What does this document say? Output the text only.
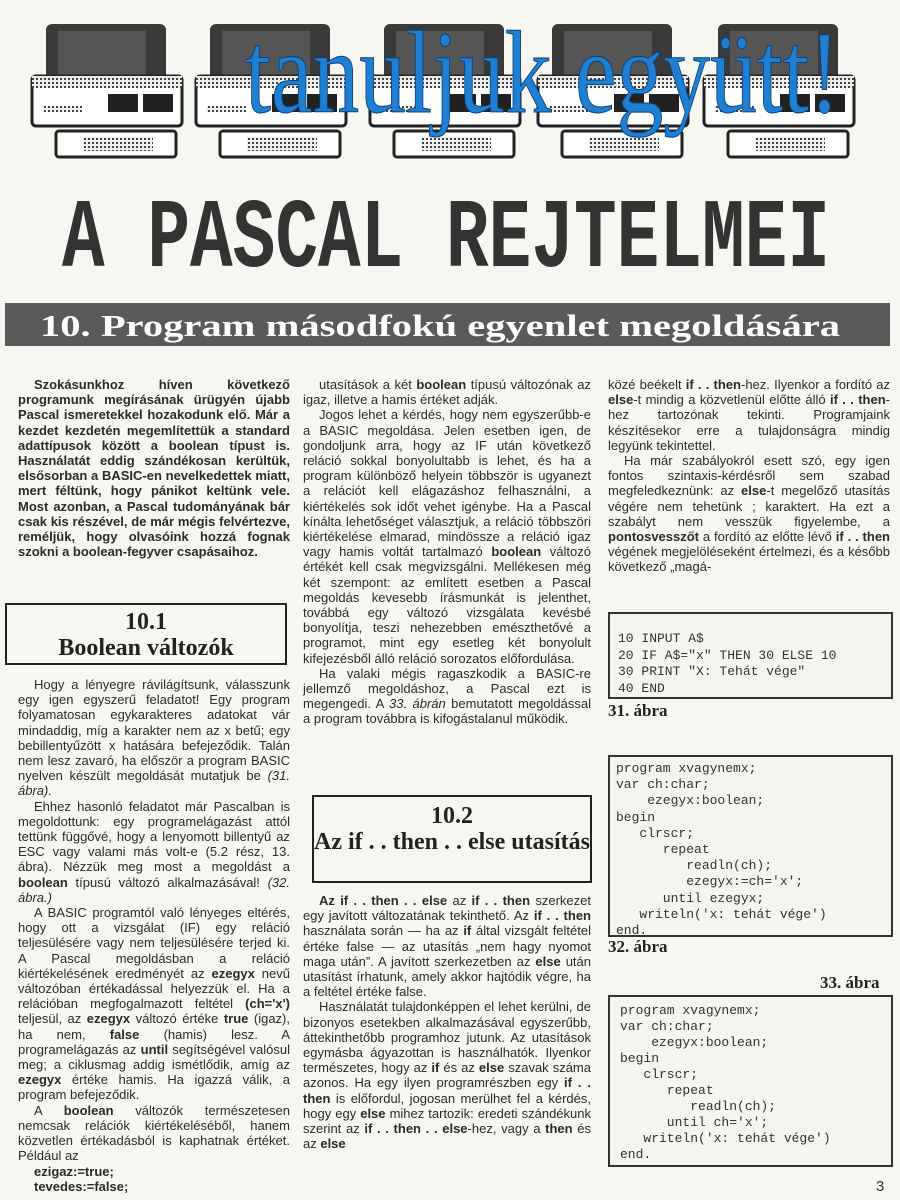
tanuljuk együtt!
A PASCAL REJTELMEI
10. Program másodfokú egyenlet megoldására

Szokásunkhoz híven következő programunk megírásának ürügyén újabb Pascal ismeretekkel hozakodunk elő. Már a kezdet kezdetén megemlítettük a standard adattípusok között a boolean típust is. Használatát eddig szándékosan kerültük, elsősorban a BASIC-en nevelkedettek miatt, mert féltünk, hogy pánikot keltünk vele. Most azonban, a Pascal tudományának bár csak kis részével, de már mégis felvértezve, reméljük, hogy olvasóink hozzá fognak szokni a boolean-fegyver csapásaihoz.

Hogy a lényegre rávilágítsunk, válasszunk egy igen egyszerű feladatot! Egy program folyamatosan egykarakteres adatokat vár mindaddig, míg a karakter nem az x betű; egy bebillentyűzött x hatására befejeződik. Talán nem lesz zavaró, ha először a program BASIC nyelven készült megoldását mutatjuk be (31. ábra).

Ehhez hasonló feladatot már Pascalban is megoldottunk: egy programelágazást attól tettünk függővé, hogy a lenyomott billentyű az ESC vagy valami más volt-e (5.2 rész, 13. ábra). Nézzük meg most a megoldást a boolean típusú változó alkalmazásával! (32. ábra.)

A BASIC programtól való lényeges eltérés, hogy ott a vizsgálat (IF) egy reláció teljesülésére vagy nem teljesülésére terjed ki. A Pascal megoldásban a reláció kiértékelésének eredményét az ezegyx nevű változóban értékadással helyezzük el. Ha a relációban megfogalmazott feltétel (ch='x') teljesül, az ezegyx változó értéke true (igaz), ha nem, false (hamis) lesz. A programelágazás az until segítségével valósul meg; a ciklusmag addig ismétlődik, amíg az ezegyx értéke hamis. Ha igazzá válik, a program befejeződik.

A boolean változók természetesen nemcsak relációk kiértékeléséből, hanem közvetlen értékadásból is kaphatnak értéket. Például az

ezigaz:=true;

tevedes:=false;

10.1
Boolean változók

utasítások a két boolean típusú változónak az igaz, illetve a hamis értéket adják.

Jogos lehet a kérdés, hogy nem egyszerűbb-e a BASIC megoldása. Jelen esetben igen, de gondoljunk arra, hogy az IF után következő reláció sokkal bonyolultabb is lehet, és ha a program különböző helyein többször is ugyanezt a relációt kell elágazáshoz felhasználni, a kiértékelés sok időt vehet igénybe. Ha a Pascal kínálta lehetőséget választjuk, a reláció többszöri kiértékelése elmarad, mindössze a reláció igaz vagy hamis voltát tartalmazó boolean változó értékét kell csak megvizsgálni. Mellékesen még két szempont: az említett esetben a Pascal megoldás kevesebb írásmunkát is jelenthet, továbbá egy változó vizsgálata kevésbé bonyolítja, teszi nehezebben emészthetővé a programot, mint egy esetleg két bonyolult kifejezésből álló reláció sorozatos előfordulása.

Ha valaki mégis ragaszkodik a BASIC-re jellemző megoldáshoz, a Pascal ezt is megengedi. A 33. ábrán bemutatott megoldással a program továbbra is kifogástalanul működik.

10.2
Az if . . then . . else utasítás

Az if . . then . . else az if . . then szerkezet egy javított változatának tekinthető. Az if . . then használata során — ha az if által vizsgált feltétel értéke false — az utasítás „nem hagy nyomot maga után”. A javított szerkezetben az else után utasítást írhatunk, amely akkor hajtódik végre, ha a feltétel értéke false.

Használatát tulajdonképpen el lehet kerülni, de bizonyos esetekben alkalmazásával egyszerűbb, áttekinthetőbb programhoz jutunk. Az utasítások egymásba ágyazottan is használhatók. Ilyenkor természetes, hogy az if és az else szavak száma azonos. Ha egy ilyen programrészben egy if . . then is előfordul, jogosan merülhet fel a kérdés, hogy egy else mihez tartozik: eredeti szándékunk szerint az if . . then . . else-hez, vagy a then és az else

közé beékelt if . . then-hez. Ilyenkor a fordító az else-t mindig a közvetlenül előtte álló if . . then-hez tartozónak tekinti. Programjaink készítésekor erre a tulajdonságra mindig legyünk tekintettel.

Ha már szabályokról esett szó, egy igen fontos szintaxis-kérdésről sem szabad megfeledkeznünk: az else-t megelőző utasítás végére nem tehetünk ; karaktert. Ha ezt a szabályt nem vesszük figyelembe, a pontosvesszőt a fordító az előtte lévő if . . then végének megjelöléseként értelmezi, és a később következő „magá-

10 INPUT A$
20 IF A$="x" THEN 30 ELSE 10
30 PRINT "X: Tehát vége"
40 END
31. ábra
program xvagynemx;
var ch:char;
ezegyx:boolean;
begin
clrscr;
repeat
readln(ch);
ezegyx:=ch='x';
until ezegyx;
writeln('x: tehát vége')
end.
32. ábra
33. ábra
program xvagynemx;
var ch:char;
ezegyx:boolean;
begin
clrscr;
repeat
readln(ch);
until ch='x';
writeln('x: tehát vége')
end.
3
